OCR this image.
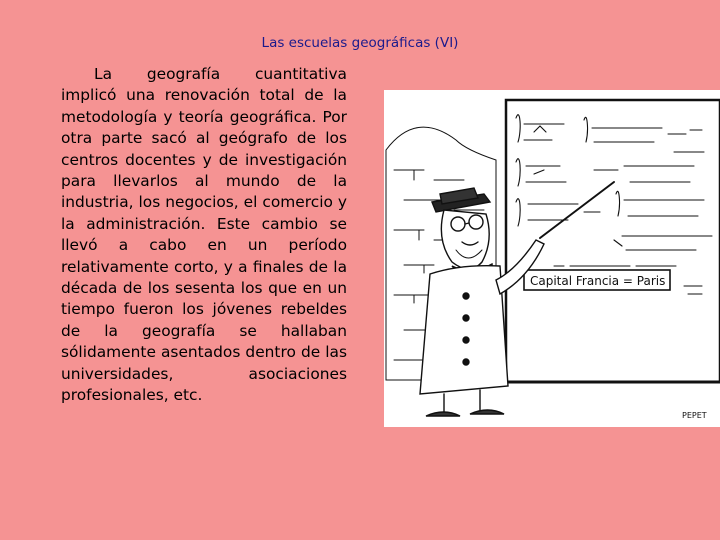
Las escuelas geográficas (VI)

La geografía cuantitativa implicó una renovación total de la metodología y teoría geográfica. Por otra parte sacó al geógrafo de los centros docentes y de investigación para llevarlos al mundo de la industria, los negocios, el comercio y la administración. Este cambio se llevó a cabo en un período relativamente corto, y a finales de la década de los sesenta los que en un tiempo fueron los jóvenes rebeldes de la geografía se hallaban sólidamente asentados dentro de las universidades, asociaciones profesionales, etc.

Capital Francia = Paris
PEPET
